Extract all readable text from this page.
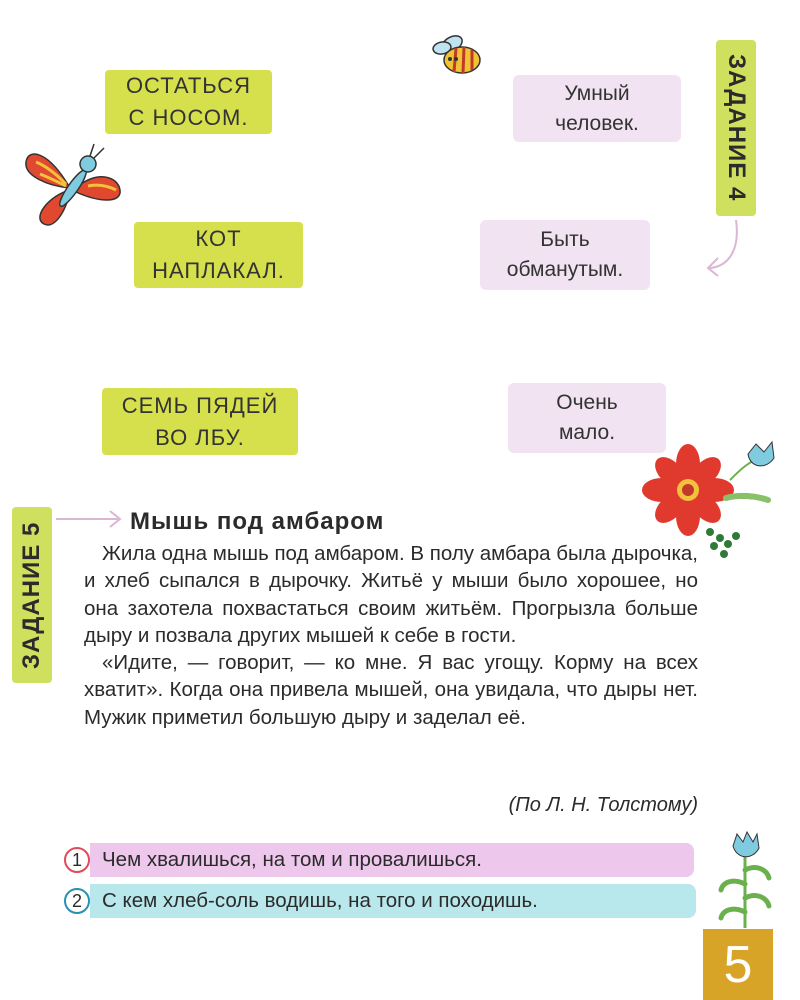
ОСТАТЬСЯ
С НОСОМ.
КОТ
НАПЛАКАЛ.
СЕМЬ ПЯДЕЙ
ВО ЛБУ.
Умный
человек.
Быть
обманутым.
Очень
мало.
ЗАДАНИЕ 4
ЗАДАНИЕ 5	Мышь под амбаром

Жила одна мышь под амбаром. В полу амбара была дырочка, и хлеб сыпался в дырочку. Житьё у мыши было хорошее, но она захотела похвастаться своим житьём. Прогрызла больше дыру и позвала других мышей к себе в гости.

«Идите, — говорит, — ко мне. Я вас угощу. Корму на всех хватит». Когда она привела мышей, она увидала, что дыры нет. Мужик приметил большую дыру и заделал её.

(По Л. Н. Толстому)
Чем хвалишься, на том и провалишься.
1
С кем хлеб-соль водишь, на того и походишь.
2
5
